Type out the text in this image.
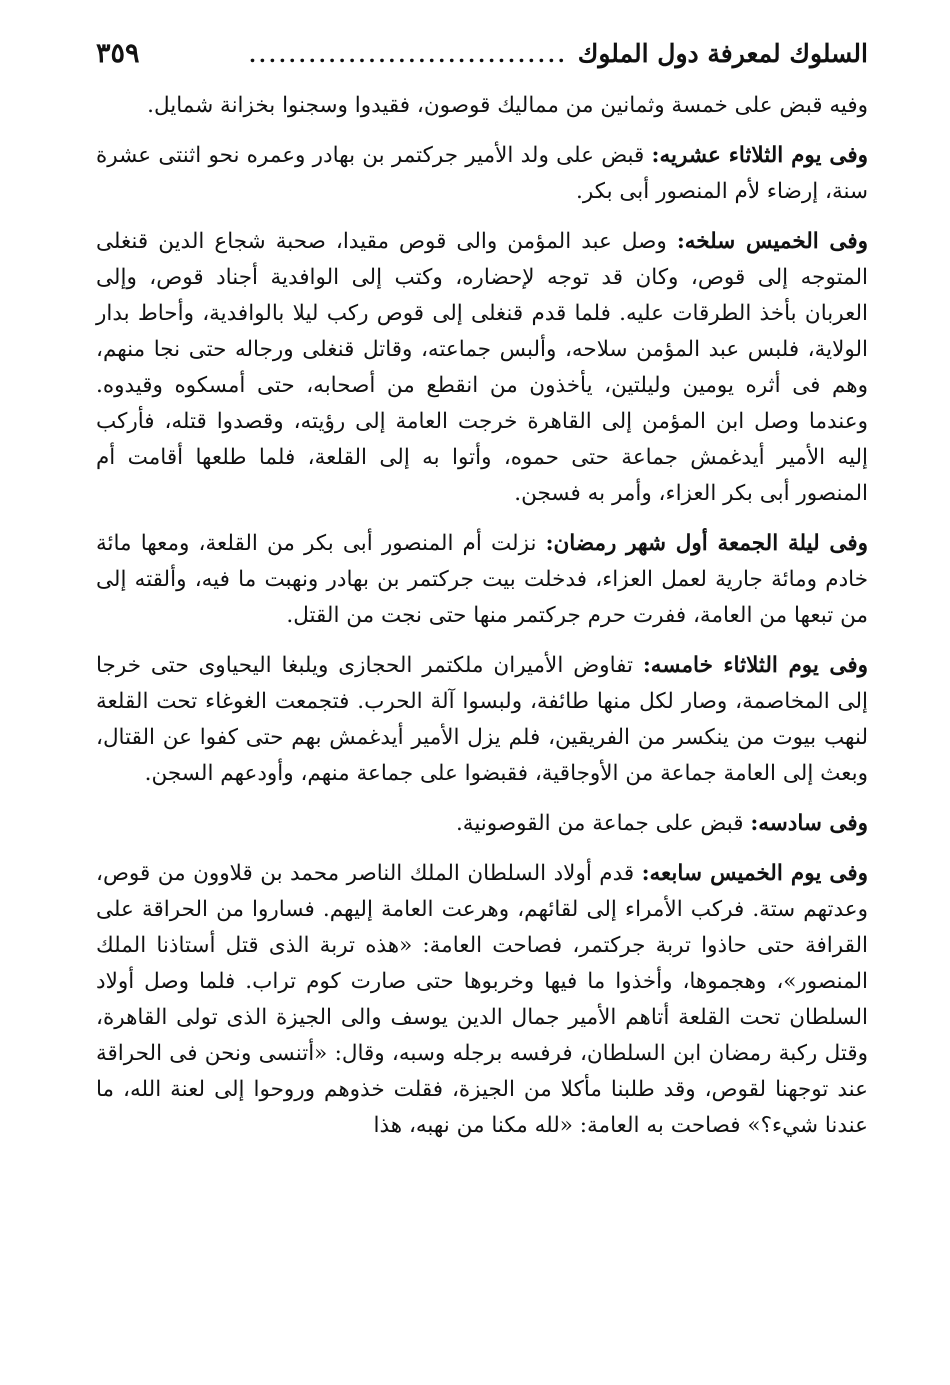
السلوك لمعرفة دول الملوك
................................
٣٥٩

وفيه قبض على خمسة وثمانين من مماليك قوصون، فقيدوا وسجنوا بخزانة شمايل.

وفى يوم الثلاثاء عشريه: قبض على ولد الأمير جركتمر بن بهادر وعمره نحو اثنتى عشرة سنة، إرضاء لأم المنصور أبى بكر.

وفى الخميس سلخه: وصل عبد المؤمن والى قوص مقيدا، صحبة شجاع الدين قنغلى المتوجه إلى قوص، وكان قد توجه لإحضاره، وكتب إلى الوافدية أجناد قوص، وإلى العربان بأخذ الطرقات عليه. فلما قدم قنغلى إلى قوص ركب ليلا بالوافدية، وأحاط بدار الولاية، فلبس عبد المؤمن سلاحه، وألبس جماعته، وقاتل قنغلى ورجاله حتى نجا منهم، وهم فى أثره يومين وليلتين، يأخذون من انقطع من أصحابه، حتى أمسكوه وقيدوه. وعندما وصل ابن المؤمن إلى القاهرة خرجت العامة إلى رؤيته، وقصدوا قتله، فأركب إليه الأمير أيدغمش جماعة حتى حموه، وأتوا به إلى القلعة، فلما طلعها أقامت أم المنصور أبى بكر العزاء، وأمر به فسجن.

وفى ليلة الجمعة أول شهر رمضان: نزلت أم المنصور أبى بكر من القلعة، ومعها مائة خادم ومائة جارية لعمل العزاء، فدخلت بيت جركتمر بن بهادر ونهبت ما فيه، وألقته إلى من تبعها من العامة، ففرت حرم جركتمر منها حتى نجت من القتل.

وفى يوم الثلاثاء خامسه: تفاوض الأميران ملكتمر الحجازى ويلبغا اليحياوى حتى خرجا إلى المخاصمة، وصار لكل منها طائفة، ولبسوا آلة الحرب. فتجمعت الغوغاء تحت القلعة لنهب بيوت من ينكسر من الفريقين، فلم يزل الأمير أيدغمش بهم حتى كفوا عن القتال، وبعث إلى العامة جماعة من الأوجاقية، فقبضوا على جماعة منهم، وأودعهم السجن.

وفى سادسه: قبض على جماعة من القوصونية.

وفى يوم الخميس سابعه: قدم أولاد السلطان الملك الناصر محمد بن قلاوون من قوص، وعدتهم ستة. فركب الأمراء إلى لقائهم، وهرعت العامة إليهم. فساروا من الحراقة على القرافة حتى حاذوا تربة جركتمر، فصاحت العامة: «هذه تربة الذى قتل أستاذنا الملك المنصور»، وهجموها، وأخذوا ما فيها وخربوها حتى صارت كوم تراب. فلما وصل أولاد السلطان تحت القلعة أتاهم الأمير جمال الدين يوسف والى الجيزة الذى تولى القاهرة، وقتل ركبة رمضان ابن السلطان، فرفسه برجله وسبه، وقال: «أتنسى ونحن فى الحراقة عند توجهنا لقوص، وقد طلبنا مأكلا من الجيزة، فقلت خذوهم وروحوا إلى لعنة الله، ما عندنا شيء؟» فصاحت به العامة: «لله مكنا من نهبه، هذا
